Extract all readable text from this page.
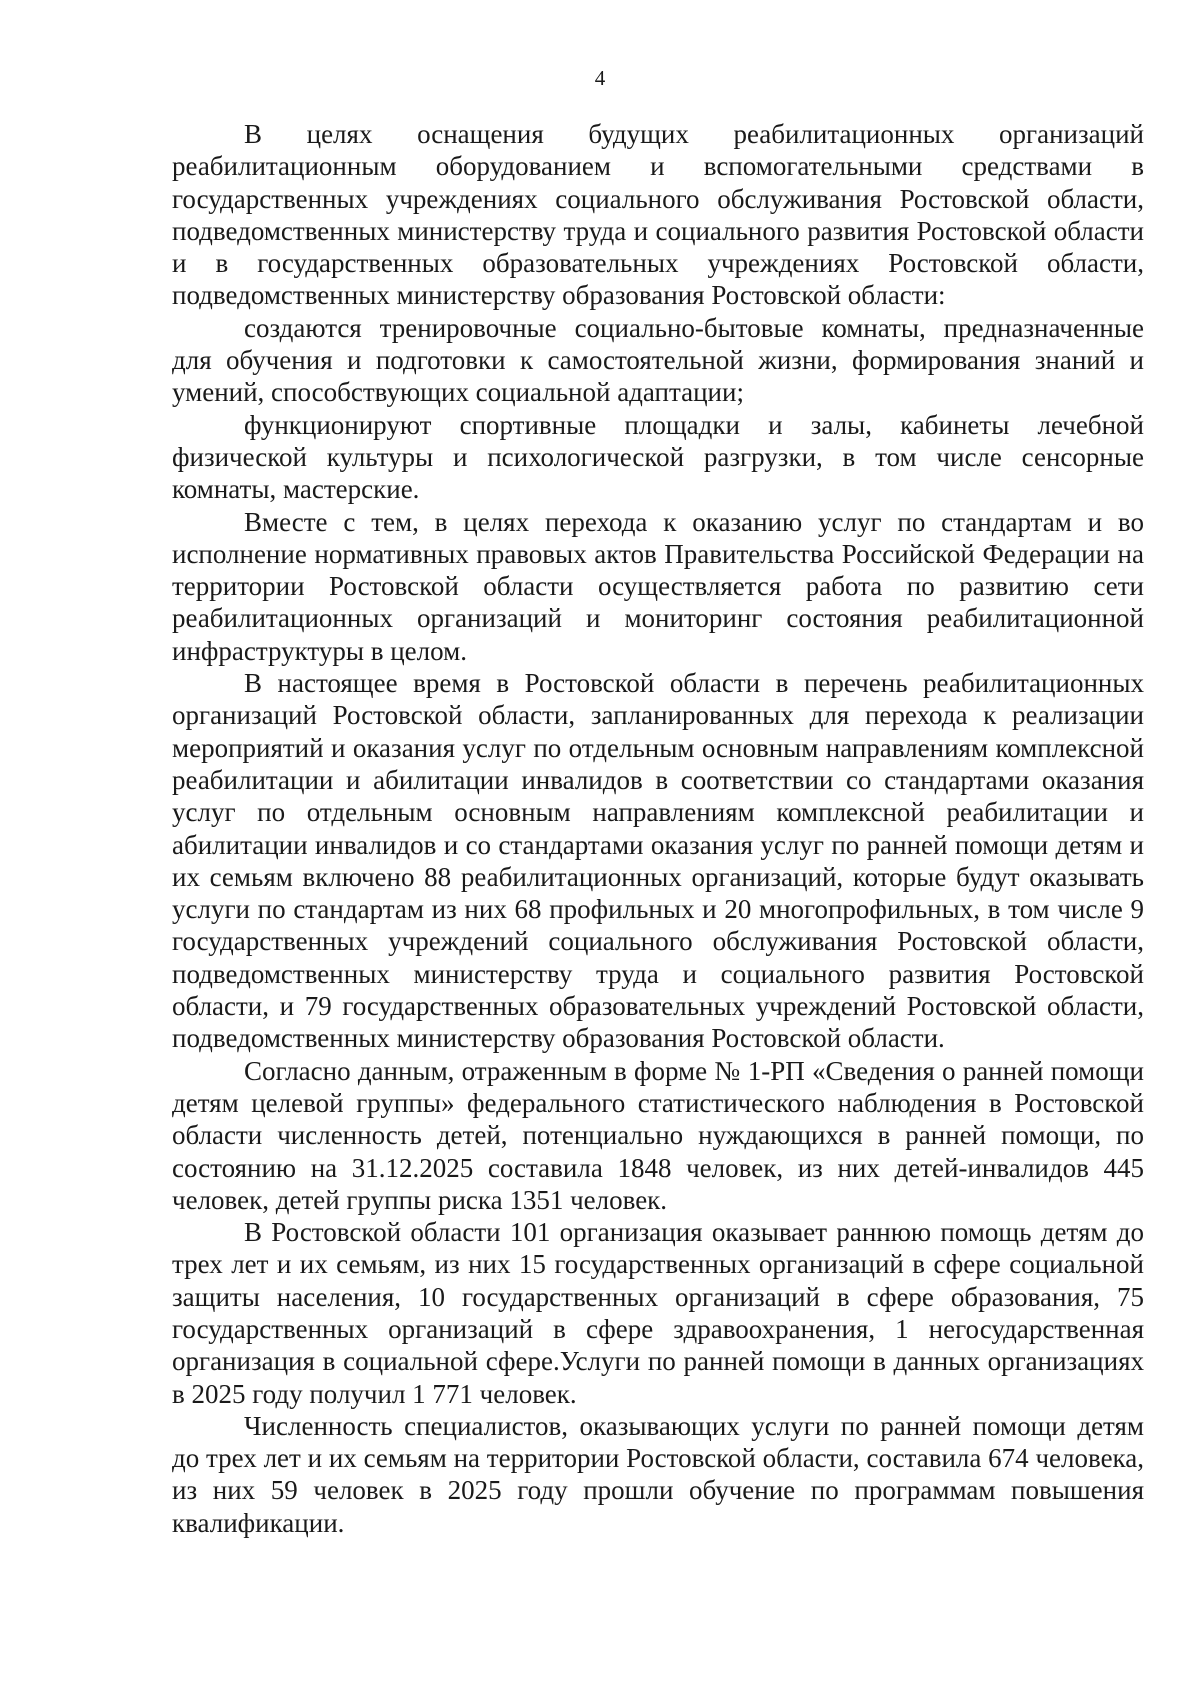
4

В целях оснащения будущих реабилитационных организаций реабилитационным оборудованием и вспомогательными средствами в государственных учреждениях социального обслуживания Ростовской области, подведомственных министерству труда и социального развития Ростовской области и в государственных образовательных учреждениях Ростовской области, подведомственных министерству образования Ростовской области:

создаются тренировочные социально-бытовые комнаты, предназначенные для обучения и подготовки к самостоятельной жизни, формирования знаний и умений, способствующих социальной адаптации;

функционируют спортивные площадки и залы, кабинеты лечебной физической культуры и психологической разгрузки, в том числе сенсорные комнаты, мастерские.

Вместе с тем, в целях перехода к оказанию услуг по стандартам и во исполнение нормативных правовых актов Правительства Российской Федерации на территории Ростовской области осуществляется работа по развитию сети реабилитационных организаций и мониторинг состояния реабилитационной инфраструктуры в целом.

В настоящее время в Ростовской области в перечень реабилитационных организаций Ростовской области, запланированных для перехода к реализации мероприятий и оказания услуг по отдельным основным направлениям комплексной реабилитации и абилитации инвалидов в соответствии со стандартами оказания услуг по отдельным основным направлениям комплексной реабилитации и абилитации инвалидов и со стандартами оказания услуг по ранней помощи детям и их семьям включено 88 реабилитационных организаций, которые будут оказывать услуги по стандартам из них 68 профильных и 20 многопрофильных, в том числе 9 государственных учреждений социального обслуживания Ростовской области, подведомственных министерству труда и социального развития Ростовской области, и 79 государственных образовательных учреждений Ростовской области, подведомственных министерству образования Ростовской области.

Согласно данным, отраженным в форме № 1-РП «Сведения о ранней помощи детям целевой группы» федерального статистического наблюдения в Ростовской области численность детей, потенциально нуждающихся в ранней помощи, по состоянию на 31.12.2025 составила 1848 человек, из них детей-инвалидов 445 человек, детей группы риска 1351 человек.

В Ростовской области 101 организация оказывает раннюю помощь детям до трех лет и их семьям, из них 15 государственных организаций в сфере социальной защиты населения, 10 государственных организаций в сфере образования, 75 государственных организаций в сфере здравоохранения, 1 негосударственная организация в социальной сфере.Услуги по ранней помощи в данных организациях в 2025 году получил 1 771 человек.

Численность специалистов, оказывающих услуги по ранней помощи детям до трех лет и их семьям на территории Ростовской области, составила 674 человека, из них 59 человек в 2025 году прошли обучение по программам повышения квалификации.
